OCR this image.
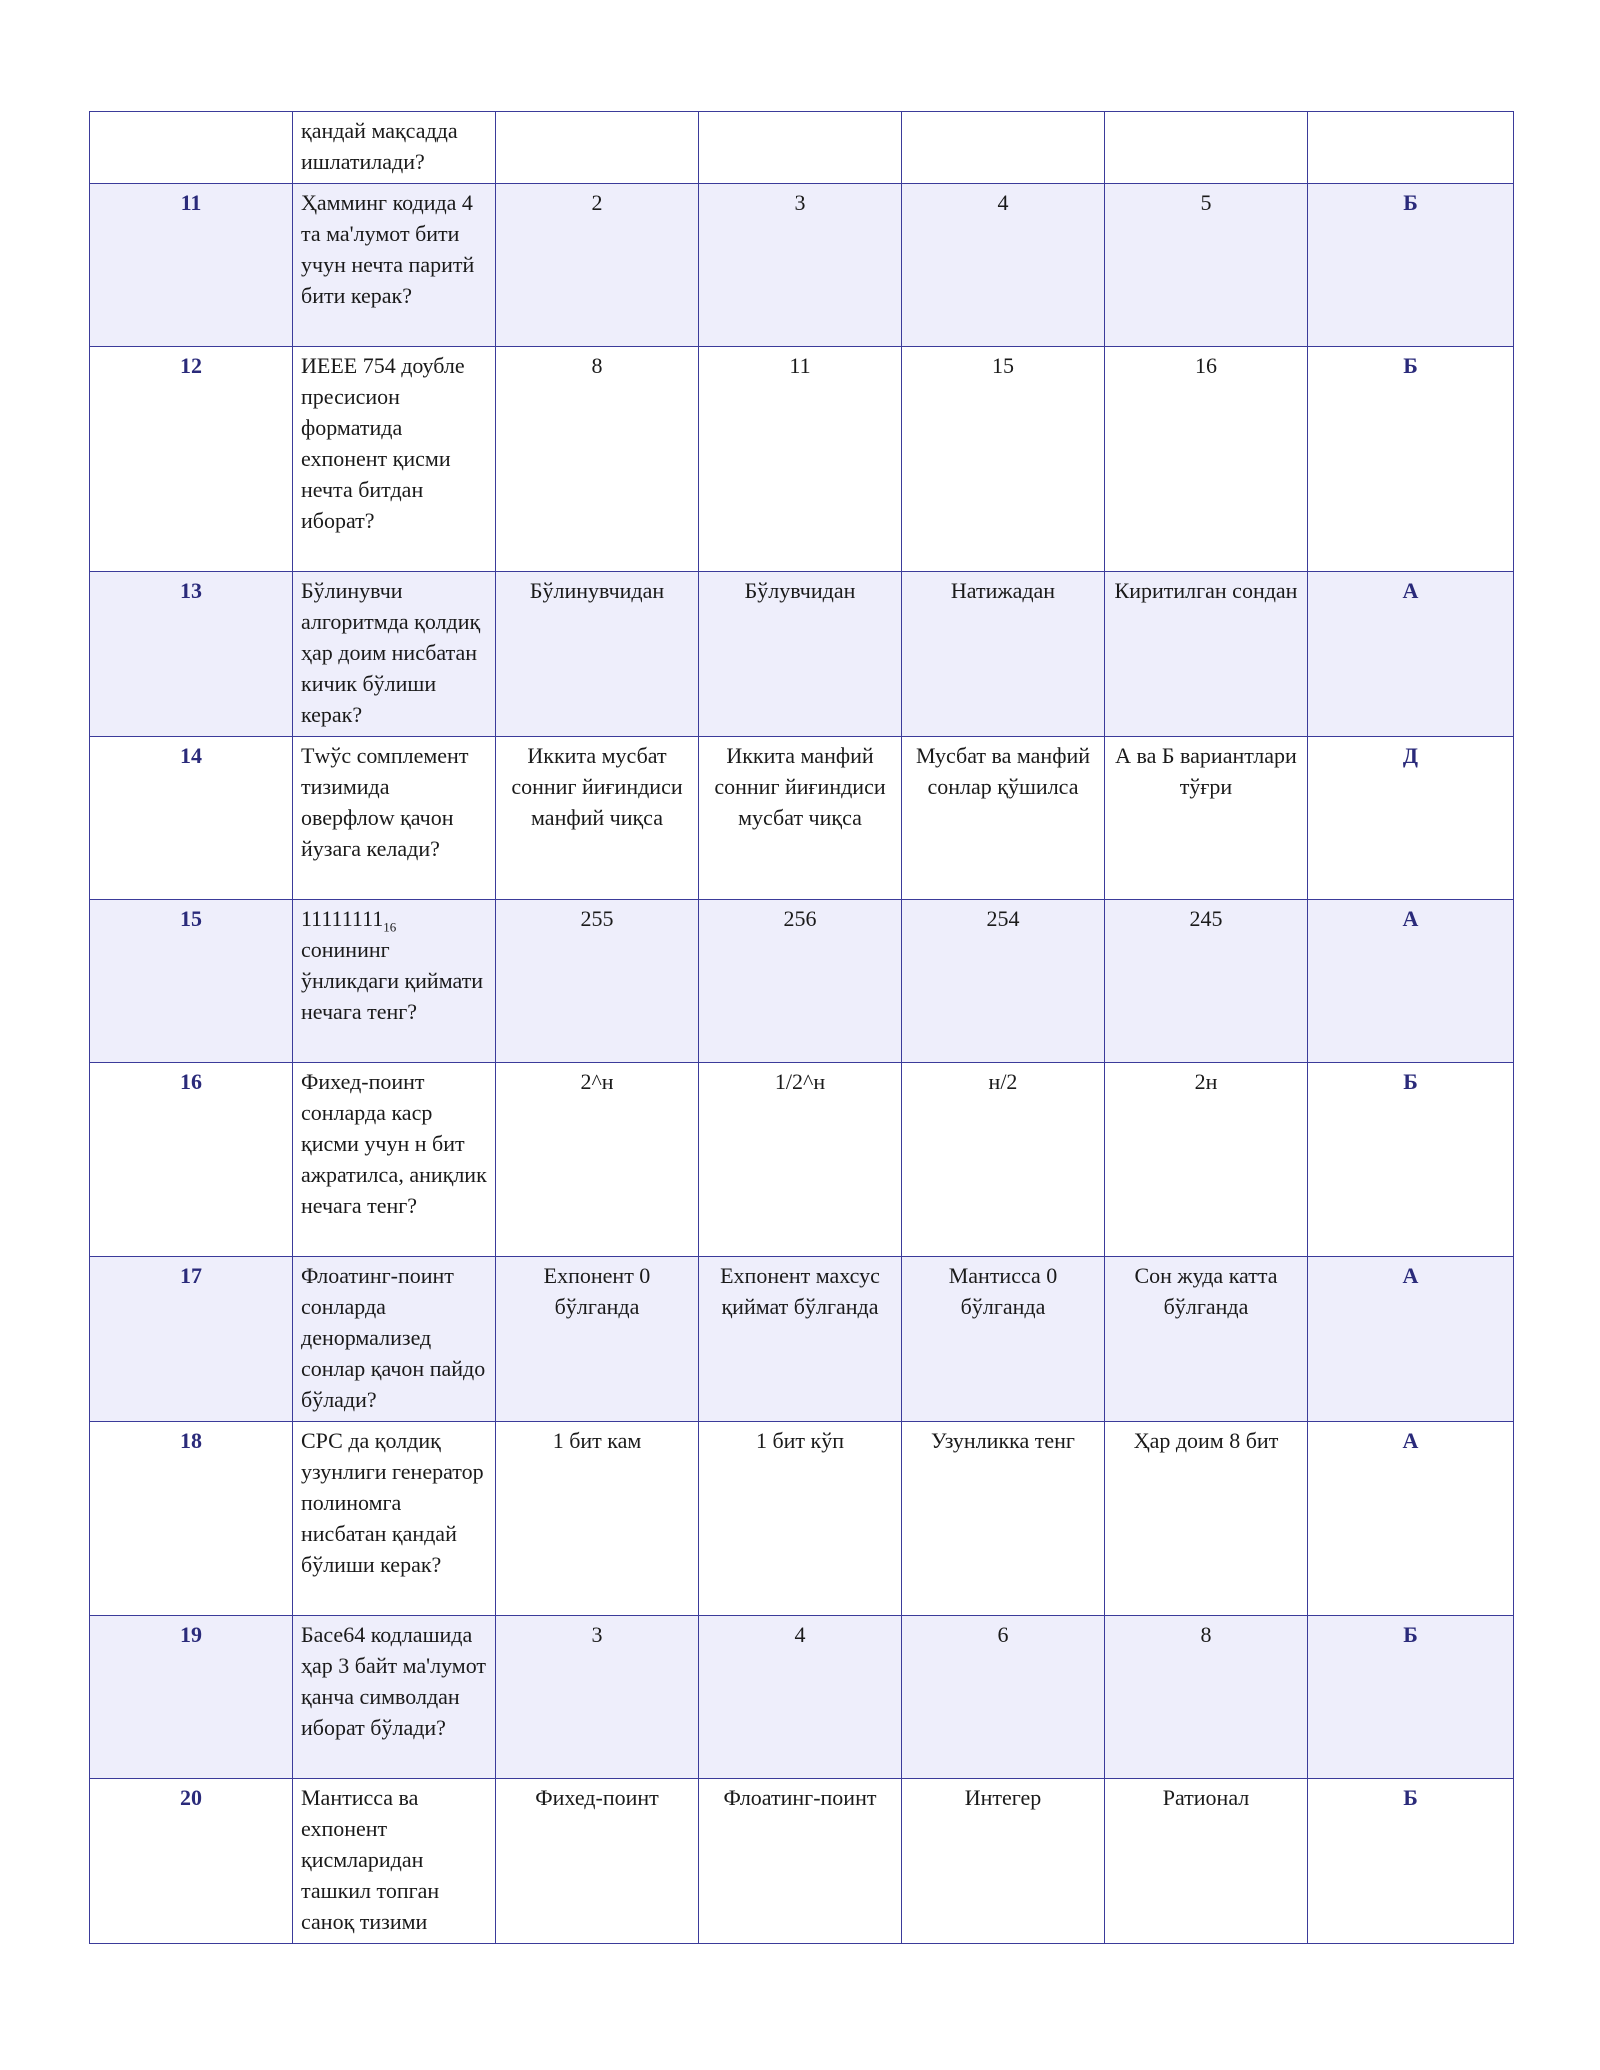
	қандай мақсадда ишлатилади?					
11	Ҳамминг кодида 4 та ма'лумот бити учун нечта паритй бити керак?	2	3	4	5	Б
12	ИЕЕЕ 754 доубле пресисион форматида ехпонент қисми нечта битдан иборат?	8	11	15	16	Б
13	Бўлинувчи алгоритмда қолдиқ ҳар доим нисбатан кичик бўлиши керак?	Бўлинувчидан	Бўлувчидан	Натижадан	Киритилган сондан	А
14	Тwўс сомплемент тизимида оверфлоw қачон йузага келади?	Иккита мусбат сонниг йиғиндиси манфий чиқса	Иккита манфий сонниг йиғиндиси мусбат чиқса	Мусбат ва манфий сонлар қўшилса	А ва Б вариантлари тўғри	Д
15	$11111111_{16}$ сонининг ўнликдаги қиймати нечага тенг?	255	256	254	245	А
16	Фихед-поинт сонларда каср қисми учун н бит ажратилса, аниқлик нечага тенг?	2^н	1/2^н	н/2	2н	Б
17	Флоатинг-поинт сонларда денормализед сонлар қачон пайдо бўлади?	Ехпонент 0 бўлганда	Ехпонент махсус қиймат бўлганда	Мантисса 0 бўлганда	Сон жуда катта бўлганда	А
18	СРС да қолдиқ узунлиги генератор полиномга нисбатан қандай бўлиши керак?	1 бит кам	1 бит кўп	Узунликка тенг	Ҳар доим 8 бит	А
19	Басе64 кодлашида ҳар 3 байт ма'лумот қанча символдан иборат бўлади?	3	4	6	8	Б
20	Мантисса ва ехпонент қисмларидан ташкил топган саноқ тизими	Фихед-поинт	Флоатинг-поинт	Интегер	Ратионал	Б
